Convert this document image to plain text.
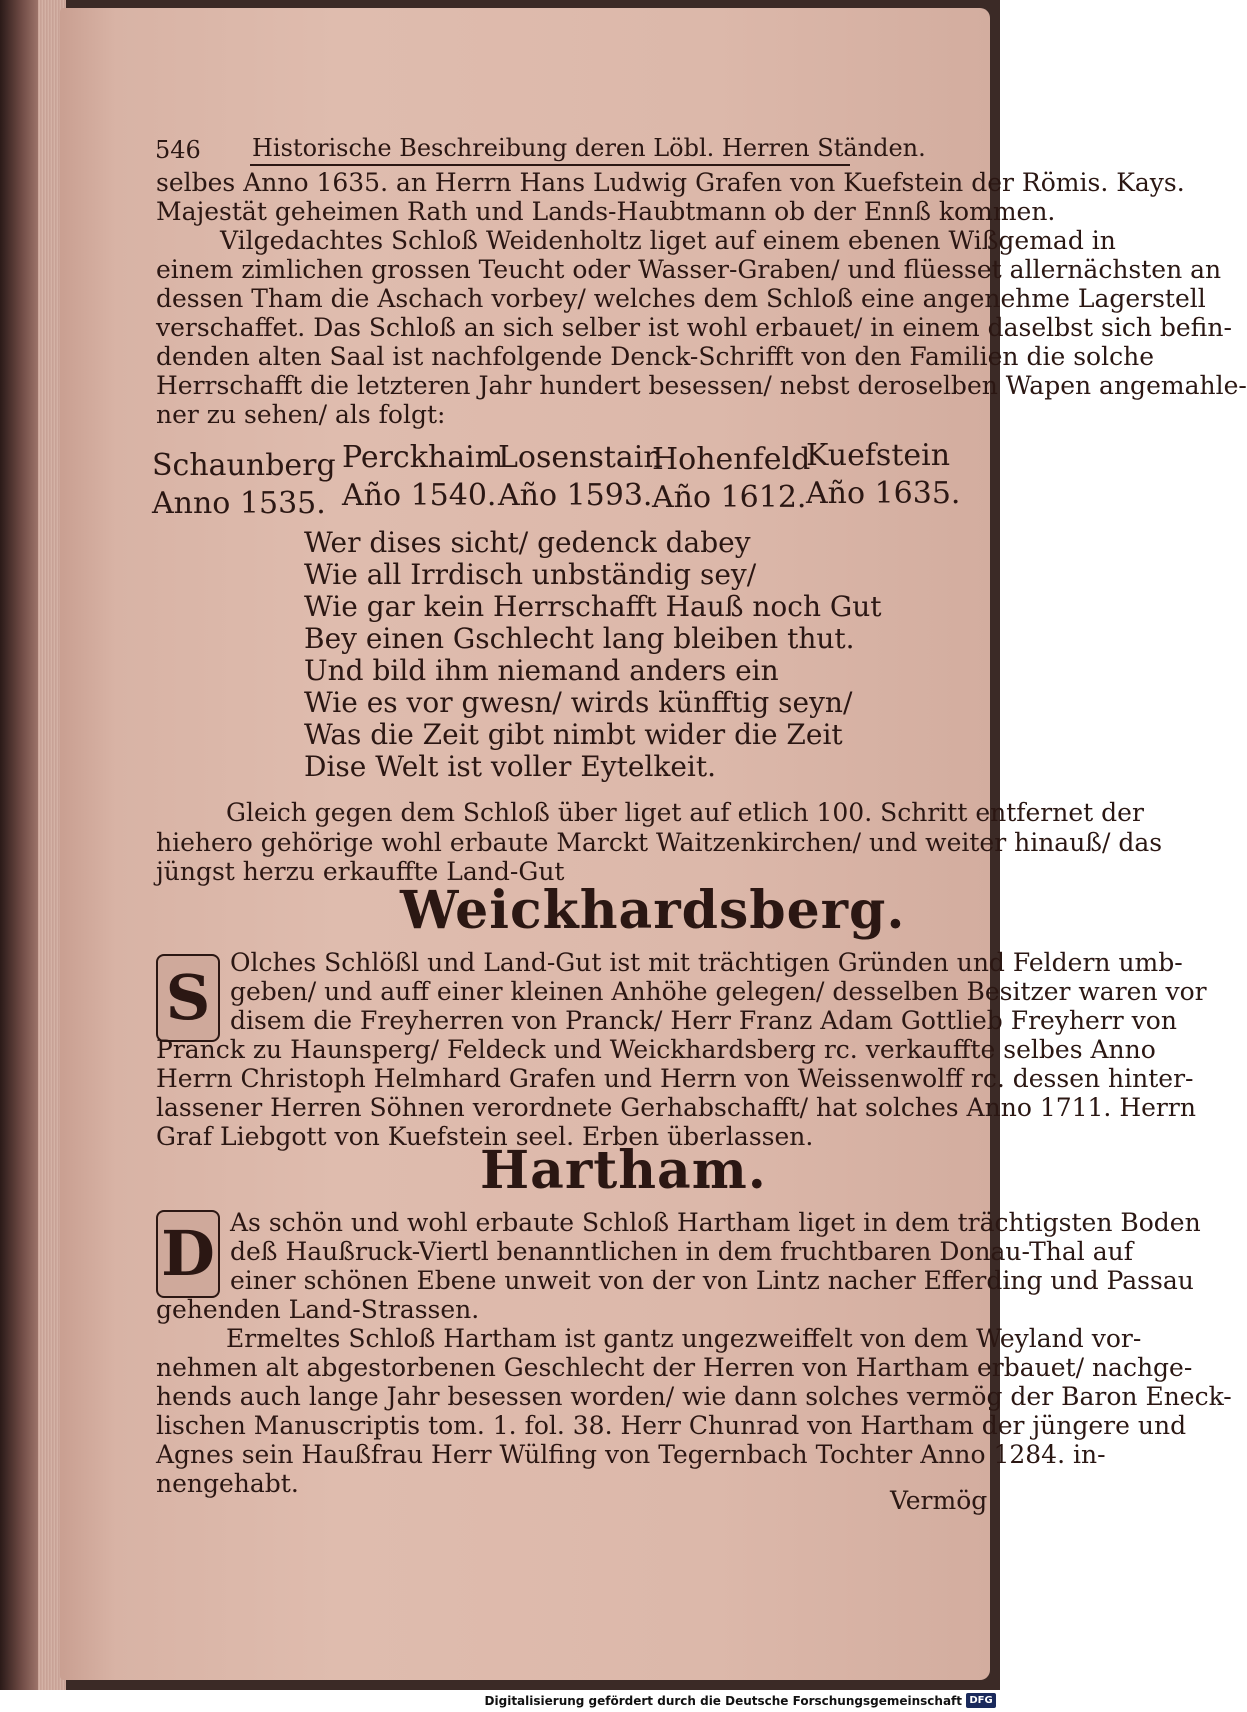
546 Historische Beschreibung deren Löbl. Herren Ständen.
selbes Anno 1635. an Herrn Hans Ludwig Grafen von Kuefstein der Römis. Kays.
Majestät geheimen Rath und Lands-Haubtmann ob der Ennß kommen.
Vilgedachtes Schloß Weidenholtz liget auf einem ebenen Wißgemad in
einem zimlichen grossen Teucht oder Wasser-Graben/ und flüesset allernächsten an
dessen Tham die Aschach vorbey/ welches dem Schloß eine angenehme Lagerstell
verschaffet. Das Schloß an sich selber ist wohl erbauet/ in einem daselbst sich befin-
denden alten Saal ist nachfolgende Denck-Schrifft von den Familien die solche
Herrschafft die letzteren Jahr hundert besessen/ nebst deroselben Wapen angemahle-
ner zu sehen/ als folgt:
Schaunberg
Anno 1535.
Perckhaim
Año 1540.
Losenstain
Año 1593.
Hohenfeld
Año 1612.
Kuefstein
Año 1635.
Wer dises sicht/ gedenck dabey
Wie all Irrdisch unbständig sey/
Wie gar kein Herrschafft Hauß noch Gut
Bey einen Gschlecht lang bleiben thut.
Und bild ihm niemand anders ein
Wie es vor gwesn/ wirds künfftig seyn/
Was die Zeit gibt nimbt wider die Zeit
Dise Welt ist voller Eytelkeit.
Gleich gegen dem Schloß über liget auf etlich 100. Schritt entfernet der
hiehero gehörige wohl erbaute Marckt Waitzenkirchen/ und weiter hinauß/ das
jüngst herzu erkauffte Land-Gut
Weickhardsberg.
S Olches Schlößl und Land-Gut ist mit trächtigen Gründen und Feldern umb-
geben/ und auff einer kleinen Anhöhe gelegen/ desselben Besitzer waren vor
disem die Freyherren von Pranck/ Herr Franz Adam Gottlieb Freyherr von
Pranck zu Haunsperg/ Feldeck und Weickhardsberg rc. verkauffte selbes Anno
Herrn Christoph Helmhard Grafen und Herrn von Weissenwolff rc. dessen hinter-
lassener Herren Söhnen verordnete Gerhabschafft/ hat solches Anno 1711. Herrn
Graf Liebgott von Kuefstein seel. Erben überlassen.
Hartham.
D As schön und wohl erbaute Schloß Hartham liget in dem trächtigsten Boden
deß Haußruck-Viertl benanntlichen in dem fruchtbaren Donau-Thal auf
einer schönen Ebene unweit von der von Lintz nacher Efferding und Passau
gehenden Land-Strassen.
Ermeltes Schloß Hartham ist gantz ungezweiffelt von dem Weyland vor-
nehmen alt abgestorbenen Geschlecht der Herren von Hartham erbauet/ nachge-
hends auch lange Jahr besessen worden/ wie dann solches vermög der Baron Eneck-
lischen Manuscriptis tom. 1. fol. 38. Herr Chunrad von Hartham der jüngere und
Agnes sein Haußfrau Herr Wülfing von Tegernbach Tochter Anno 1284. in-
nengehabt.
Vermög
Digitalisierung gefördert durch die Deutsche Forschungsgemeinschaft DFG
